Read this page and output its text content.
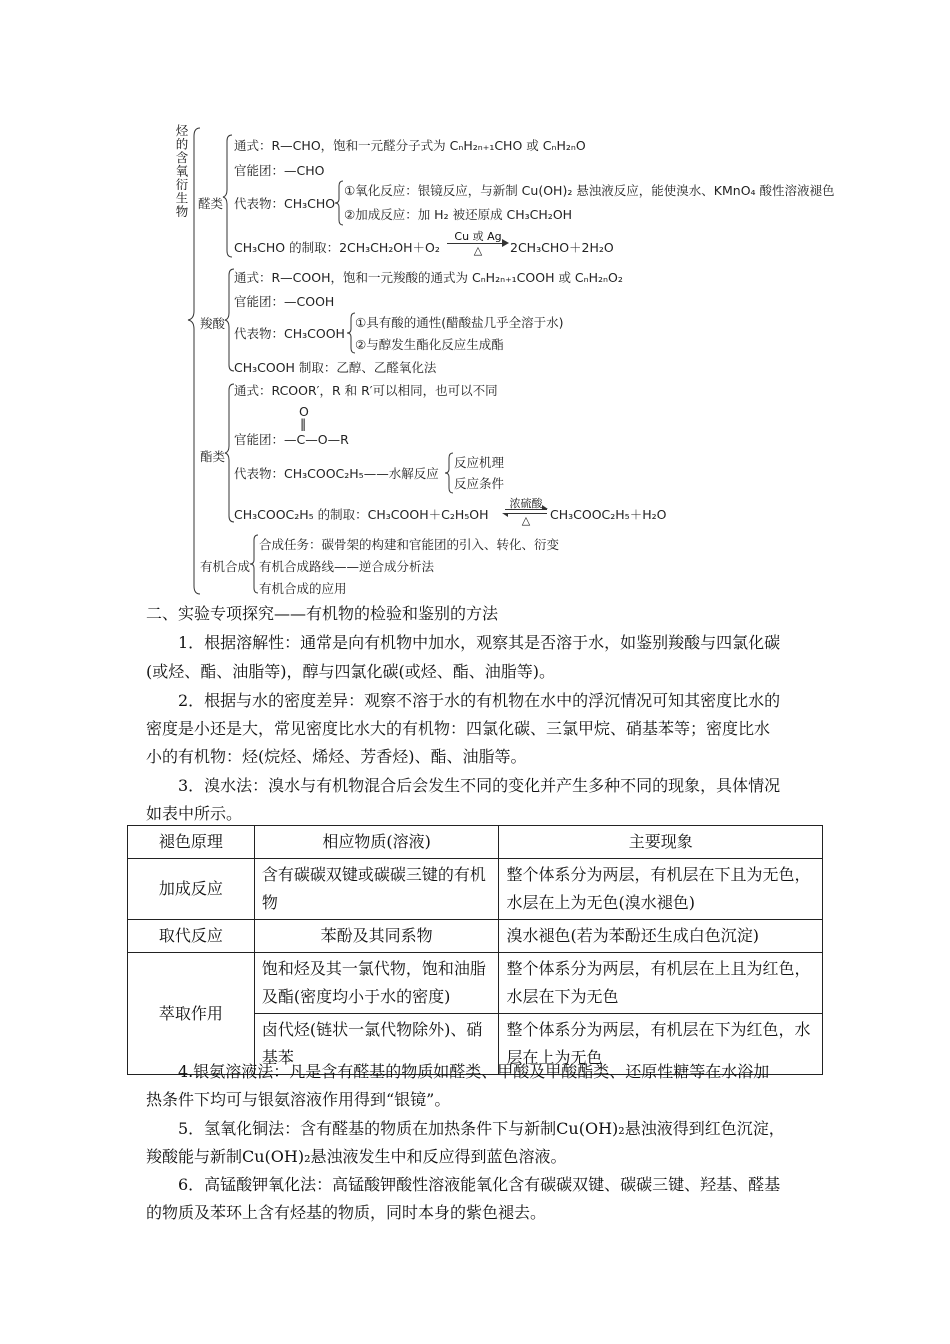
烃的含氧衍生物 醛类
通式：R—CHO，饱和一元醛分子式为 CₙH₂ₙ₊₁CHO 或 CₙH₂ₙO
官能团：—CHO
代表物：CH₃CHO
①氧化反应：银镜反应，与新制 Cu(OH)₂ 悬浊液反应，能使溴水、KMnO₄ 酸性溶液褪色
②加成反应：加 H₂ 被还原成 CH₃CH₂OH
CH₃CHO 的制取：2CH₃CH₂OH＋O₂
Cu 或 Ag
△	2CH₃CHO＋2H₂O
羧酸
通式：R—COOH，饱和一元羧酸的通式为 CₙH₂ₙ₊₁COOH 或 CₙH₂ₙO₂
官能团：—COOH
代表物：CH₃COOH
①具有酸的通性(醋酸盐几乎全溶于水)
②与醇发生酯化反应生成酯
CH₃COOH 制取：乙醇、乙醛氧化法
酯类
通式：RCOOR′，R 和 R′可以相同，也可以不同
O
‖
官能团：—C—O—R
代表物：CH₃COOC₂H₅——水解反应
反应机理
反应条件
CH₃COOC₂H₅ 的制取：CH₃COOH＋C₂H₅OH
浓硫酸
△	CH₃COOC₂H₅＋H₂O
有机合成
合成任务：碳骨架的构建和官能团的引入、转化、衍变
有机合成路线——逆合成分析法
有机合成的应用
二、实验专项探究——有机物的检验和鉴别的方法
1．根据溶解性：通常是向有机物中加水，观察其是否溶于水，如鉴别羧酸与四氯化碳
(或烃、酯、油脂等)，醇与四氯化碳(或烃、酯、油脂等)。
2．根据与水的密度差异：观察不溶于水的有机物在水中的浮沉情况可知其密度比水的
密度是小还是大，常见密度比水大的有机物：四氯化碳、三氯甲烷、硝基苯等；密度比水
小的有机物：烃(烷烃、烯烃、芳香烃)、酯、油脂等。
3．溴水法：溴水与有机物混合后会发生不同的变化并产生多种不同的现象，具体情况
如表中所示。
褪色原理	相应物质(溶液)	主要现象
加成反应	含有碳碳双键或碳碳三键的有机物	整个体系分为两层，有机层在下且为无色，水层在上为无色(溴水褪色)
取代反应	苯酚及其同系物	溴水褪色(若为苯酚还生成白色沉淀)
萃取作用	饱和烃及其一氯代物，饱和油脂及酯(密度均小于水的密度)	整个体系分为两层，有机层在上且为红色，水层在下为无色
	卤代烃(链状一氯代物除外)、硝基苯	整个体系分为两层，有机层在下为红色，水层在上为无色
4.银氨溶液法：凡是含有醛基的物质如醛类、甲酸及甲酸酯类、还原性糖等在水浴加
热条件下均可与银氨溶液作用得到“银镜”。
5．氢氧化铜法：含有醛基的物质在加热条件下与新制Cu(OH)₂悬浊液得到红色沉淀，
羧酸能与新制Cu(OH)₂悬浊液发生中和反应得到蓝色溶液。
6．高锰酸钾氧化法：高锰酸钾酸性溶液能氧化含有碳碳双键、碳碳三键、羟基、醛基
的物质及苯环上含有烃基的物质，同时本身的紫色褪去。
